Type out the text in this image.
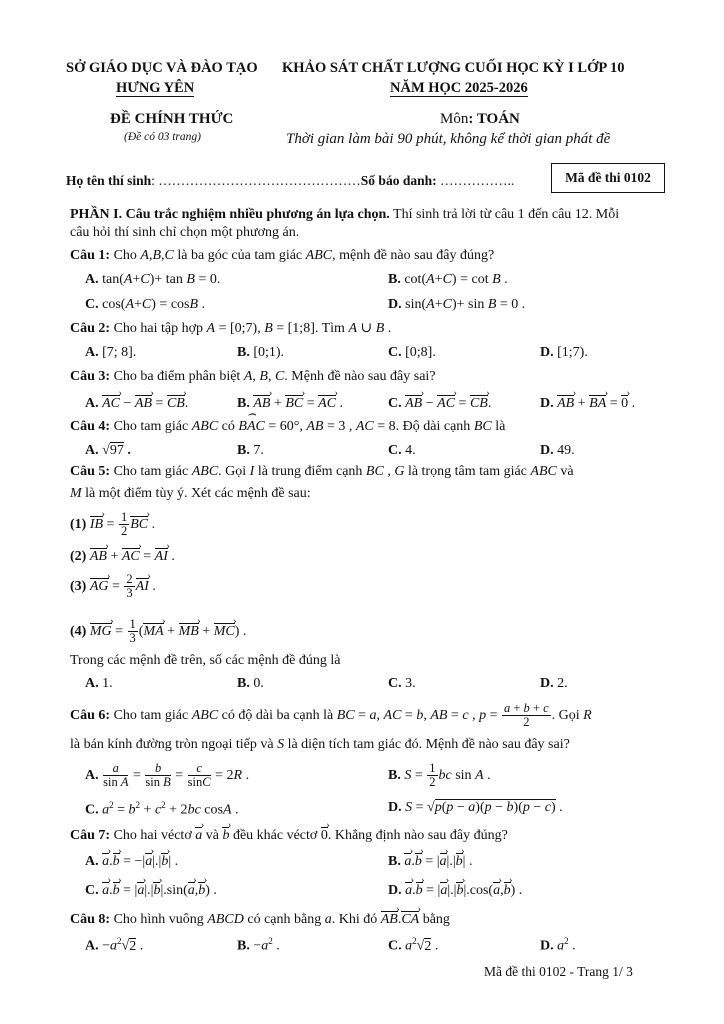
SỞ GIÁO DỤC VÀ ĐÀO TẠO
HƯNG YÊN
ĐỀ CHÍNH THỨC
(Đề có 03 trang)
KHẢO SÁT CHẤT LƯỢNG CUỐI HỌC KỲ I LỚP 10
NĂM HỌC 2025-2026
Môn: TOÁN
Thời gian làm bài 90 phút, không kể thời gian phát đề
Họ tên thí sinh: ………………………………………Số báo danh: ……………..	Mã đề thi 0102
PHẦN I. Câu trắc nghiệm nhiều phương án lựa chọn. Thí sinh trả lời từ câu 1 đến câu 12. Mỗi
câu hỏi thí sinh chỉ chọn một phương án.
Câu 1: Cho A,B,C là ba góc của tam giác ABC, mệnh đề nào sau đây đúng?
A. tan(A+C)+ tan B = 0.	B. cot(A+C) = cot B .
C. cos(A+C) = cosB .	D. sin(A+C)+ sin B = 0 .
Câu 2: Cho hai tập hợp A = [0;7), B = [1;8]. Tìm A ∪ B .
A. [7; 8].	B. [0;1).	C. [0;8].	D. [1;7).
Câu 3: Cho ba điểm phân biệt A, B, C. Mệnh đề nào sau đây sai?
A. AC › − AB › = CB ›.	B. AB › + BC › = AC › .	C. AB › − AC › = CB ›.	D. AB › + BA › = 0 › .
Câu 4: Cho tam giác ABC có ⌢ BAC = 60°, AB = 3 , AC = 8. Độ dài cạnh BC là
A. √97 .	B. 7.	C. 4.	D. 49.
Câu 5: Cho tam giác ABC. Gọi I là trung điểm cạnh BC , G là trọng tâm tam giác ABC và
M là một điểm tùy ý. Xét các mệnh đề sau:
(1) IB › = $\frac{1}{2}$ BC › .
(2) AB › + AC › = AI › .
(3) AG › = $\frac{2}{3}$ AI › .
(4) MG › = $\frac{1}{3} (MA$ › + MB › + MC ›) .
Trong các mệnh đề trên, số các mệnh đề đúng là
A. 1.	B. 0.	C. 3.	D. 2.
Câu 6: Cho tam giác ABC có độ dài ba cạnh là BC = a, AC = b, AB = c , $p = \frac{a + b + c}{2}$ . Gọi R
là bán kính đường tròn ngoại tiếp và S là diện tích tam giác đó. Mệnh đề nào sau đây sai?
A. $\frac{a}{\text{sin A}} = \frac{b}{\text{sin B}} = \frac{c}{\sin C} = 2R$ .	B. $S = \frac{1}{2}$ bc sin A .
C. $a^2 = b^2 + c^2 + 2bc$ cosA .	D. S = √p(p − a)(p − b)(p − c) .
Câu 7: Cho hai véctơ a › và b › đều khác véctơ 0 ›. Khẳng định nào sau đây đúng?
A. a ›.b › = −|a ›|.|b ›| .	B. a ›.b › = |a ›|.|b ›| .
C. a ›.b › = |a ›|.|b ›|.sin(a ›,b ›) .	D. a ›.b › = |a ›|.|b ›|.cos(a ›,b ›) .
Câu 8: Cho hình vuông ABCD có cạnh bằng a. Khi đó AB ›.CA › bằng
A. $-a^2√2$ .	B. $-a^2$ .	C. $a^2√2$ .	D. $a^2$ .
Mã đề thi 0102 - Trang 1/ 3
